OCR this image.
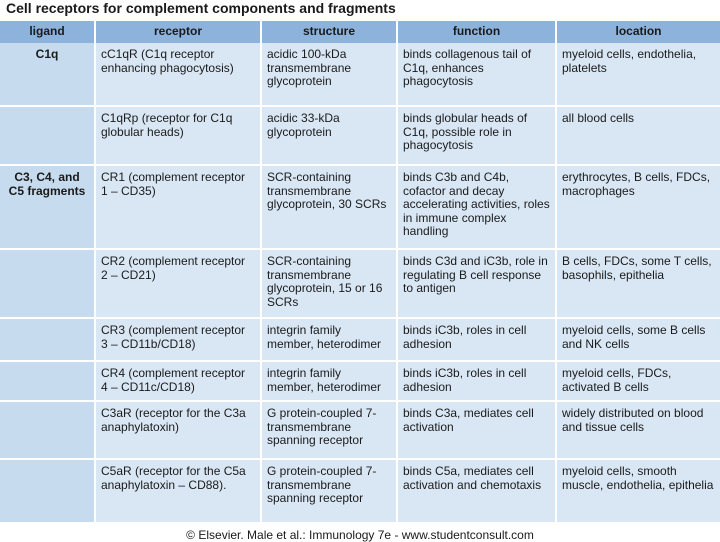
Cell receptors for complement components and fragments
ligand	receptor	structure	function	location
C1q	cC1qR (C1q receptor enhancing phagocytosis)	acidic 100-kDa transmembrane glycoprotein	binds collagenous tail of C1q, enhances phagocytosis	myeloid cells, endothelia, platelets
	C1qRp (receptor for C1q globular heads)	acidic 33-kDa glycoprotein	binds globular heads of C1q, possible role in phagocytosis	all blood cells
C3, C4, and C5 fragments	CR1 (complement receptor 1 – CD35)	SCR-containing transmembrane glycoprotein, 30 SCRs	binds C3b and C4b, cofactor and decay accelerating activities, roles in immune complex handling	erythrocytes, B cells, FDCs, macrophages
	CR2 (complement receptor 2 – CD21)	SCR-containing transmembrane glycoprotein, 15 or 16 SCRs	binds C3d and iC3b, role in regulating B cell response to antigen	B cells, FDCs, some T cells, basophils, epithelia
	CR3 (complement receptor 3 – CD11b/CD18)	integrin family member, heterodimer	binds iC3b, roles in cell adhesion	myeloid cells, some B cells and NK cells
	CR4 (complement receptor 4 – CD11c/CD18)	integrin family member, heterodimer	binds iC3b, roles in cell adhesion	myeloid cells, FDCs, activated B cells
	C3aR (receptor for the C3a anaphylatoxin)	G protein-coupled 7-transmembrane spanning receptor	binds C3a, mediates cell activation	widely distributed on blood and tissue cells
	C5aR (receptor for the C5a anaphylatoxin – CD88).	G protein-coupled 7-transmembrane spanning receptor	binds C5a, mediates cell activation and chemotaxis	myeloid cells, smooth muscle, endothelia, epithelia
© Elsevier. Male et al.: Immunology 7e - www.studentconsult.com
